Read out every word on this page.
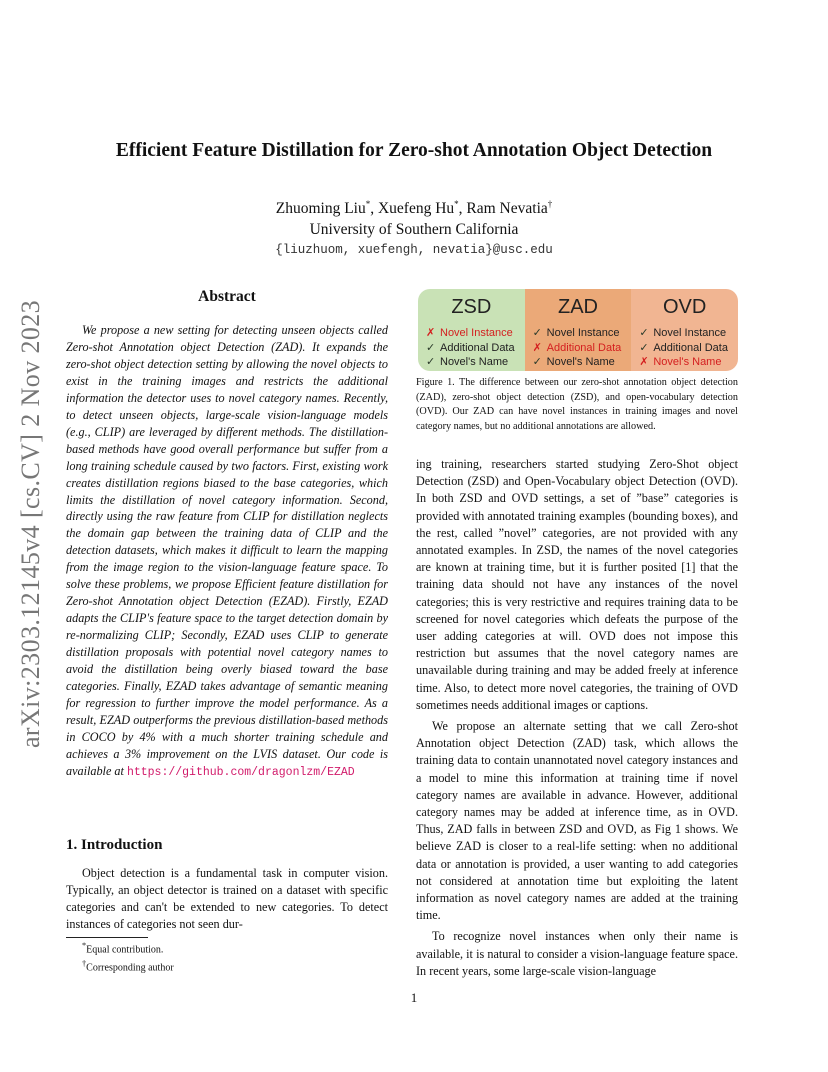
arXiv:2303.12145v4 [cs.CV] 2 Nov 2023
Efficient Feature Distillation for Zero-shot Annotation Object Detection
Zhuoming Liu*, Xuefeng Hu*, Ram Nevatia†
University of Southern California
{liuzhuom, xuefengh, nevatia}@usc.edu
Abstract

We propose a new setting for detecting unseen objects called Zero-shot Annotation object Detection (ZAD). It expands the zero-shot object detection setting by allowing the novel objects to exist in the training images and restricts the additional information the detector uses to novel category names. Recently, to detect unseen objects, large-scale vision-language models (e.g., CLIP) are leveraged by different methods. The distillation-based methods have good overall performance but suffer from a long training schedule caused by two factors. First, existing work creates distillation regions biased to the base categories, which limits the distillation of novel category information. Second, directly using the raw feature from CLIP for distillation neglects the domain gap between the training data of CLIP and the detection datasets, which makes it difficult to learn the mapping from the image region to the vision-language feature space. To solve these problems, we propose Efficient feature distillation for Zero-shot Annotation object Detection (EZAD). Firstly, EZAD adapts the CLIP's feature space to the target detection domain by re-normalizing CLIP; Secondly, EZAD uses CLIP to generate distillation proposals with potential novel category names to avoid the distillation being overly biased toward the base categories. Finally, EZAD takes advantage of semantic meaning for regression to further improve the model performance. As a result, EZAD outperforms the previous distillation-based methods in COCO by 4% with a much shorter training schedule and achieves a 3% improvement on the LVIS dataset. Our code is available at https://github.com/dragonlzm/EZAD

1. Introduction

Object detection is a fundamental task in computer vision. Typically, an object detector is trained on a dataset with specific categories and can't be extended to new categories. To detect instances of categories not seen dur-

*Equal contribution.
†Corresponding author
ZSD
✗ Novel Instance
✓ Additional Data
✓ Novel's Name
ZAD
✓ Novel Instance
✗ Additional Data
✓ Novel's Name
OVD
✓ Novel Instance
✓ Additional Data
✗ Novel's Name
Figure 1. The difference between our zero-shot annotation object detection (ZAD), zero-shot object detection (ZSD), and open-vocabulary detection (OVD). Our ZAD can have novel instances in training images and novel category names, but no additional annotations are allowed.

ing training, researchers started studying Zero-Shot object Detection (ZSD) and Open-Vocabulary object Detection (OVD). In both ZSD and OVD settings, a set of ”base” categories is provided with annotated training examples (bounding boxes), and the rest, called ”novel” categories, are not provided with any annotated examples. In ZSD, the names of the novel categories are known at training time, but it is further posited [1] that the training data should not have any instances of the novel categories; this is very restrictive and requires training data to be screened for novel categories which defeats the purpose of the user adding categories at will. OVD does not impose this restriction but assumes that the novel category names are unavailable during training and may be added freely at inference time. Also, to detect more novel categories, the training of OVD sometimes needs additional images or captions.

We propose an alternate setting that we call Zero-shot Annotation object Detection (ZAD) task, which allows the training data to contain unannotated novel category instances and a model to mine this information at training time if novel category names are available in advance. However, additional category names may be added at inference time, as in OVD. Thus, ZAD falls in between ZSD and OVD, as Fig 1 shows. We believe ZAD is closer to a real-life setting: when no additional data or annotation is provided, a user wanting to add categories not considered at annotation time but exploiting the latent information as novel category names are added at the training time.

To recognize novel instances when only their name is available, it is natural to consider a vision-language feature space. In recent years, some large-scale vision-language

1
